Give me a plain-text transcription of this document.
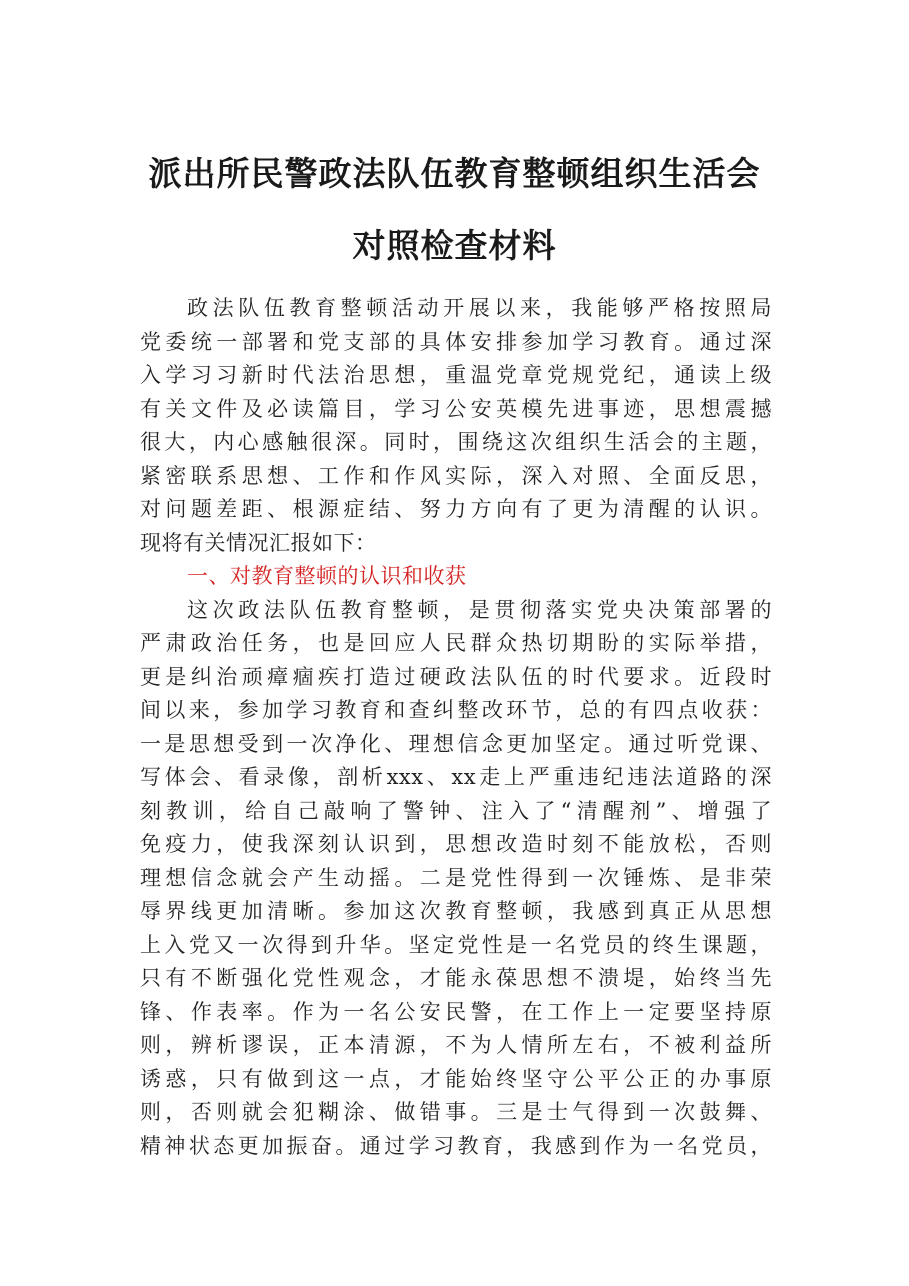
派出所民警政法队伍教育整顿组织生活会
对照检查材料
政法队伍教育整顿活动开展以来，我能够严格按照局
党委统一部署和党支部的具体安排参加学习教育。通过深
入学习习新时代法治思想，重温党章党规党纪，通读上级
有关文件及必读篇目，学习公安英模先进事迹，思想震撼
很大，内心感触很深。同时，围绕这次组织生活会的主题，
紧密联系思想、工作和作风实际，深入对照、全面反思，
对问题差距、根源症结、努力方向有了更为清醒的认识。
现将有关情况汇报如下：
一、对教育整顿的认识和收获
这次政法队伍教育整顿，是贯彻落实党央决策部署的
严肃政治任务，也是回应人民群众热切期盼的实际举措，
更是纠治顽瘴痼疾打造过硬政法队伍的时代要求。近段时
间以来，参加学习教育和查纠整改环节，总的有四点收获：
一是思想受到一次净化、理想信念更加坚定。通过听党课、
写体会、看录像，剖析xxx、xx走上严重违纪违法道路的深
刻教训，给自己敲响了警钟、注入了“清醒剂”、增强了
免疫力，使我深刻认识到，思想改造时刻不能放松，否则
理想信念就会产生动摇。二是党性得到一次锤炼、是非荣
辱界线更加清晰。参加这次教育整顿，我感到真正从思想
上入党又一次得到升华。坚定党性是一名党员的终生课题，
只有不断强化党性观念，才能永葆思想不溃堤，始终当先
锋、作表率。作为一名公安民警，在工作上一定要坚持原
则，辨析谬误，正本清源，不为人情所左右，不被利益所
诱惑，只有做到这一点，才能始终坚守公平公正的办事原
则，否则就会犯糊涂、做错事。三是士气得到一次鼓舞、
精神状态更加振奋。通过学习教育，我感到作为一名党员，
